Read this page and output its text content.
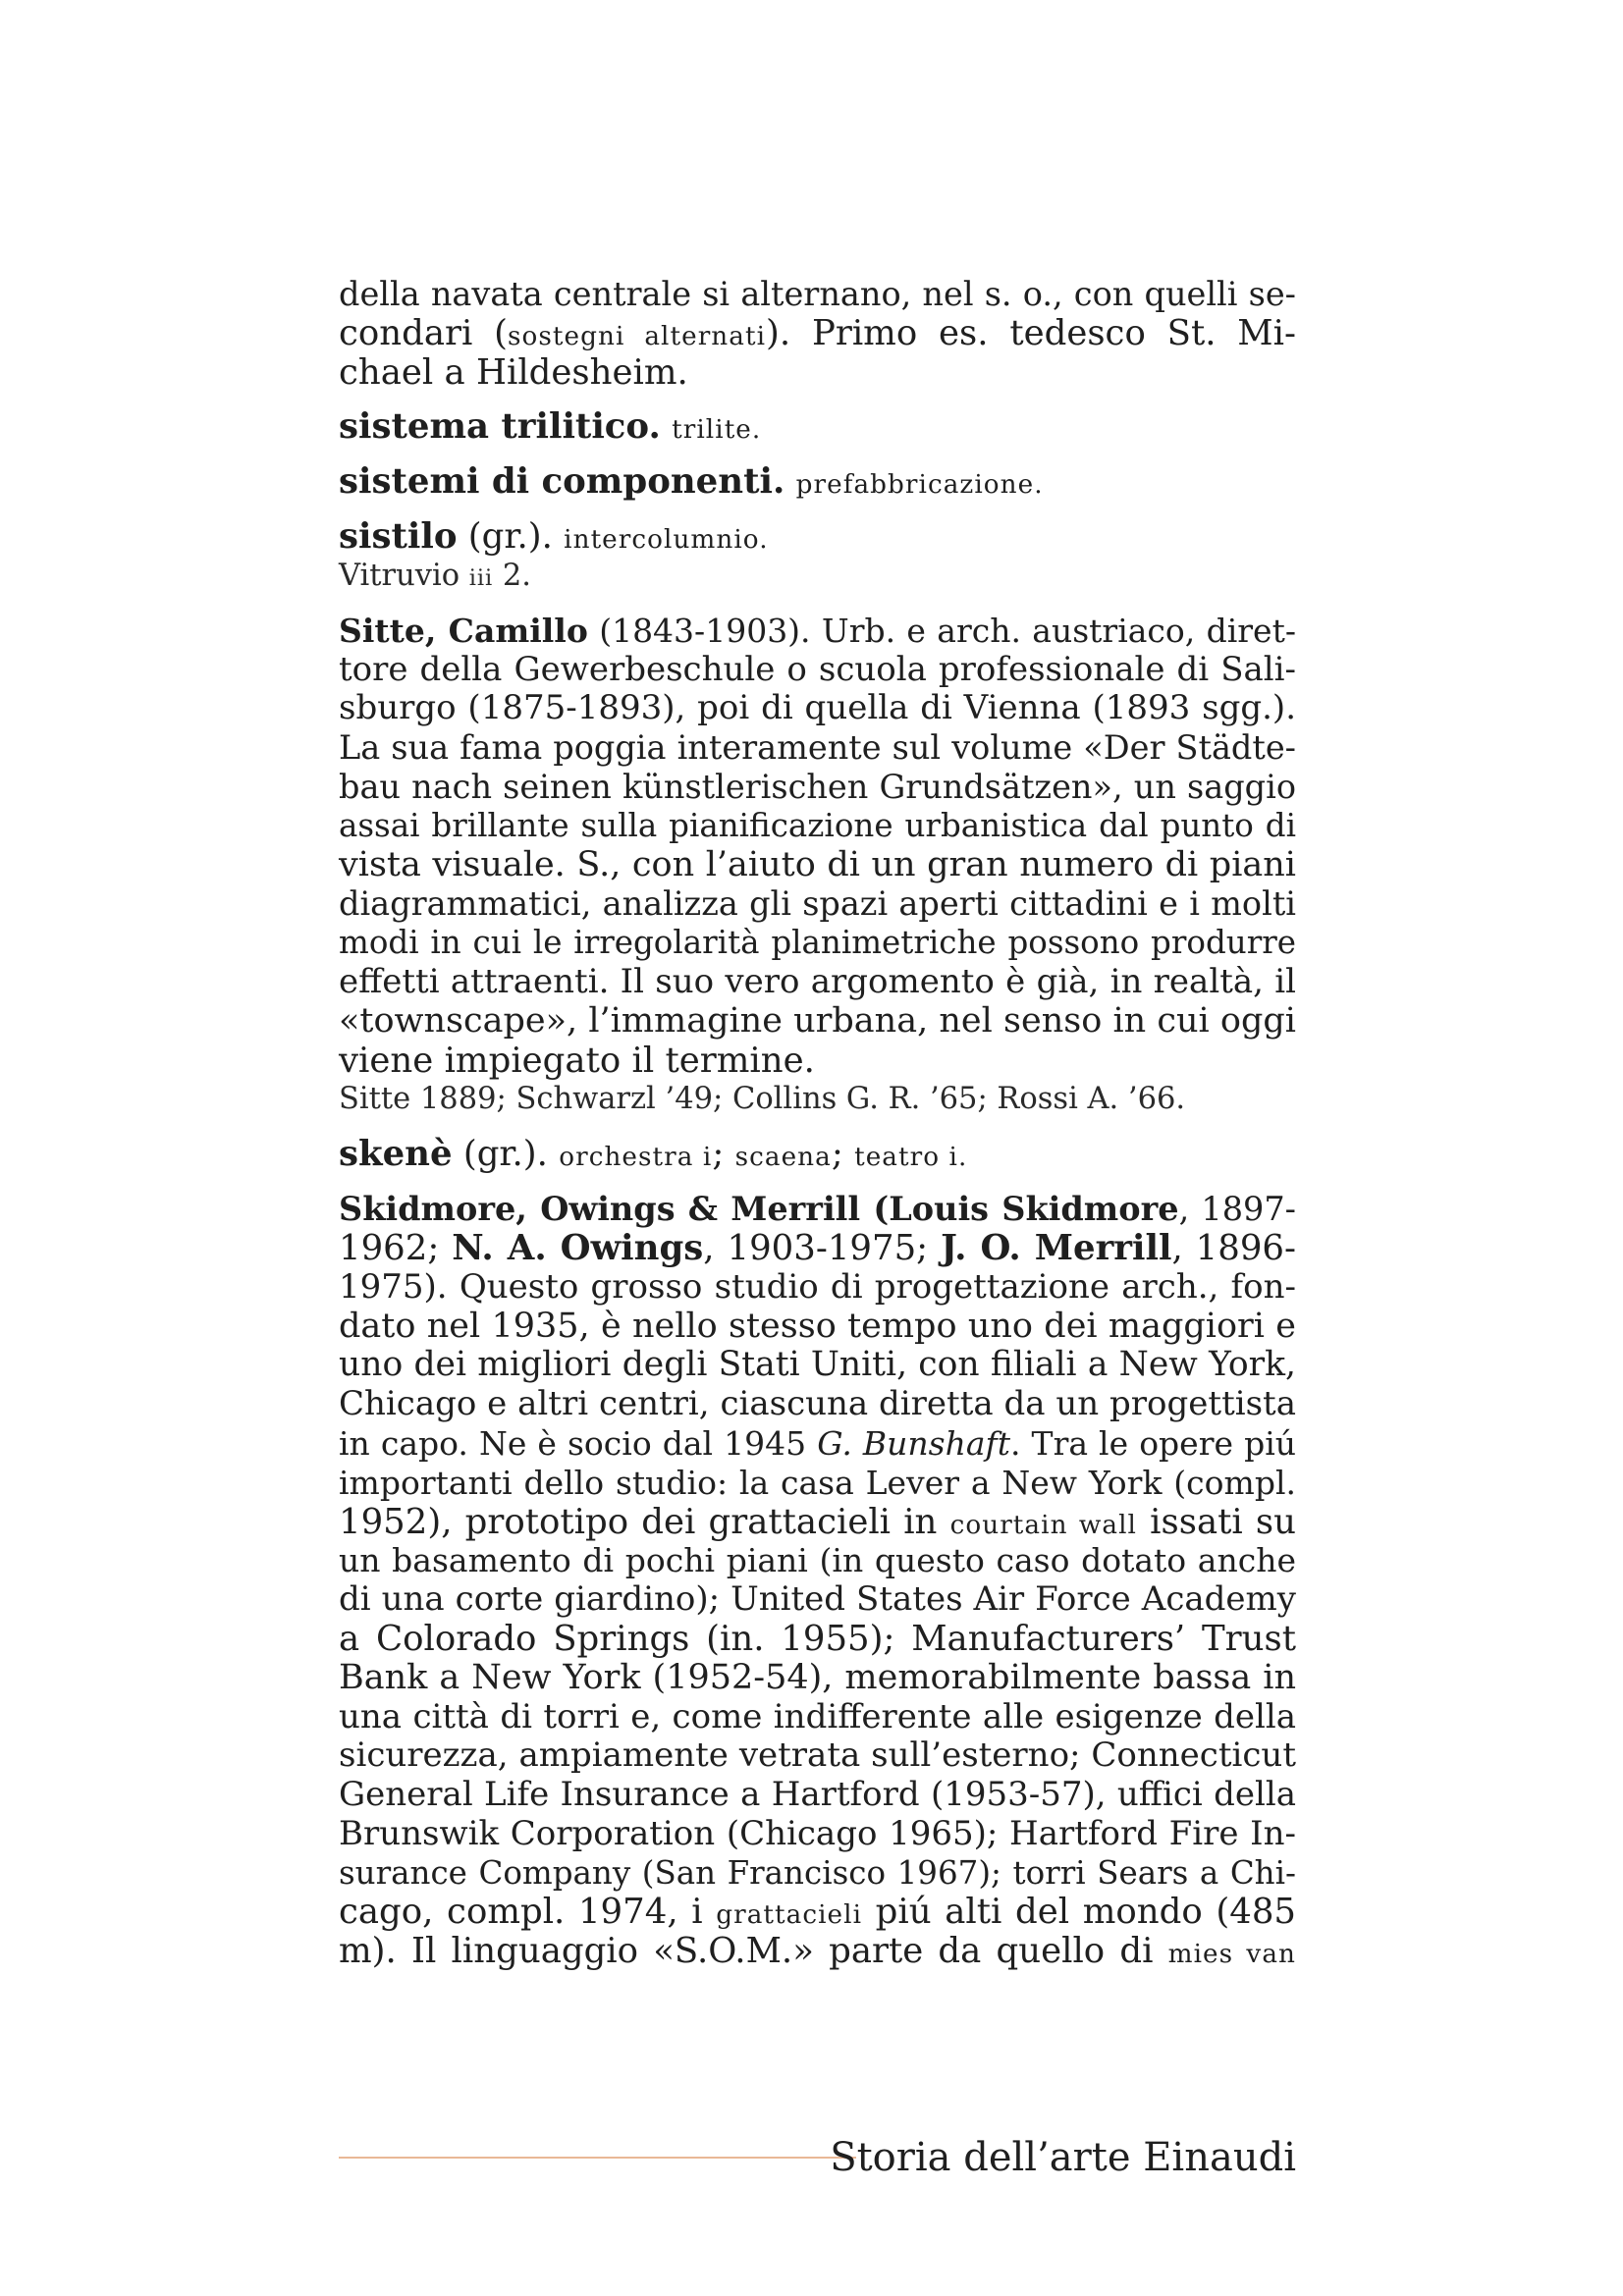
della navata centrale si alternano, nel s. o., con quelli se-
condari (sostegni alternati). Primo es. tedesco St. Mi-
chael a Hildesheim.
sistema trilitico. trilite.
sistemi di componenti. prefabbricazione.
sistilo (gr.). intercolumnio.
Vitruvio iii 2.
Sitte, Camillo (1843-1903). Urb. e arch. austriaco, diret-
tore della Gewerbeschule o scuola professionale di Sali-
sburgo (1875-1893), poi di quella di Vienna (1893 sgg.).
La sua fama poggia interamente sul volume «Der Städte-
bau nach seinen künstlerischen Grundsätzen», un saggio
assai brillante sulla pianificazione urbanistica dal punto di
vista visuale. S., con l’aiuto di un gran numero di piani
diagrammatici, analizza gli spazi aperti cittadini e i molti
modi in cui le irregolarità planimetriche possono produrre
effetti attraenti. Il suo vero argomento è già, in realtà, il
«townscape», l’immagine urbana, nel senso in cui oggi
viene impiegato il termine.
Sitte 1889; Schwarzl ’49; Collins G. R. ’65; Rossi A. ’66.
skenè (gr.). orchestra i; scaena; teatro i.
Skidmore, Owings & Merrill (Louis Skidmore, 1897-
1962; N. A. Owings, 1903-1975; J. O. Merrill, 1896-
1975). Questo grosso studio di progettazione arch., fon-
dato nel 1935, è nello stesso tempo uno dei maggiori e
uno dei migliori degli Stati Uniti, con filiali a New York,
Chicago e altri centri, ciascuna diretta da un progettista
in capo. Ne è socio dal 1945 G. Bunshaft. Tra le opere piú
importanti dello studio: la casa Lever a New York (compl.
1952), prototipo dei grattacieli in courtain wall issati su
un basamento di pochi piani (in questo caso dotato anche
di una corte giardino); United States Air Force Academy
a Colorado Springs (in. 1955); Manufacturers’ Trust
Bank a New York (1952-54), memorabilmente bassa in
una città di torri e, come indifferente alle esigenze della
sicurezza, ampiamente vetrata sull’esterno; Connecticut
General Life Insurance a Hartford (1953-57), uffici della
Brunswik Corporation (Chicago 1965); Hartford Fire In-
surance Company (San Francisco 1967); torri Sears a Chi-
cago, compl. 1974, i grattacieli piú alti del mondo (485
m). Il linguaggio «S.O.M.» parte da quello di mies van
Storia dell’arte Einaudi
